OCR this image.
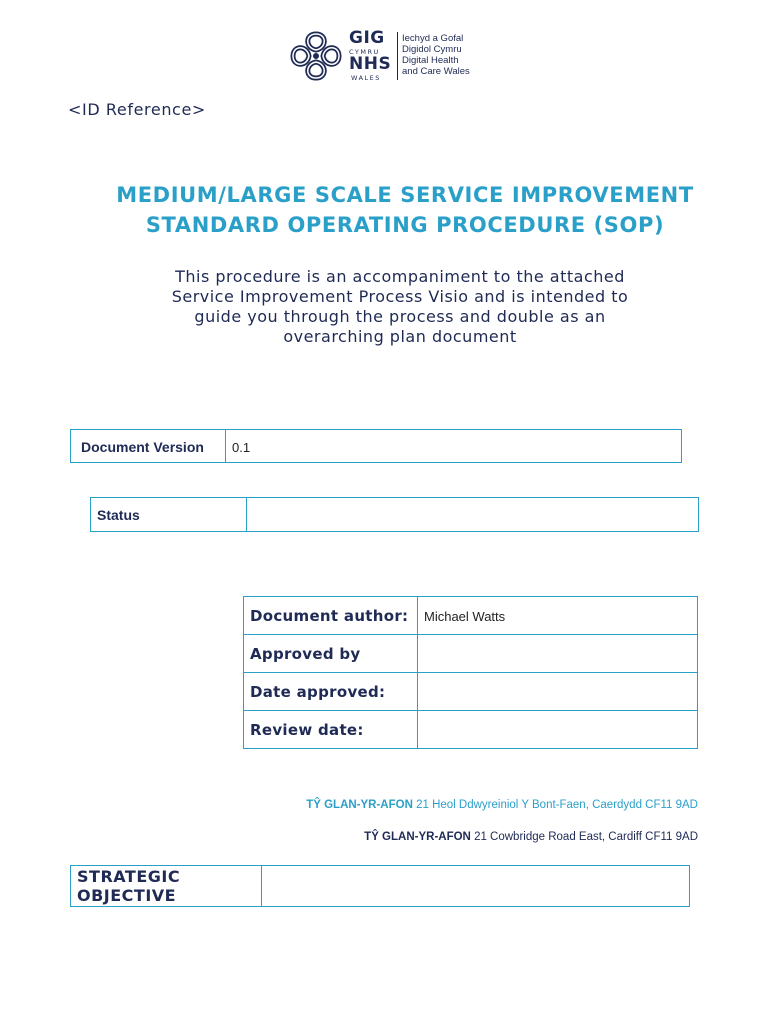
GIG
CYMRU
NHS
WALES
Iechyd a Gofal
Digidol Cymru
Digital Health
and Care Wales
<ID Reference>
MEDIUM/LARGE SCALE SERVICE IMPROVEMENT
STANDARD OPERATING PROCEDURE (SOP)
This procedure is an accompaniment to the attached
Service Improvement Process Visio and is intended to
guide you through the process and double as an
overarching plan document
Document Version	0.1
Status	
Document author:	Michael Watts
Approved by	
Date approved:	
Review date:	
TŶ GLAN-YR-AFON 21 Heol Ddwyreiniol Y Bont-Faen, Caerdydd CF11 9AD
TŶ GLAN-YR-AFON 21 Cowbridge Road East, Cardiff CF11 9AD
STRATEGIC
OBJECTIVE
